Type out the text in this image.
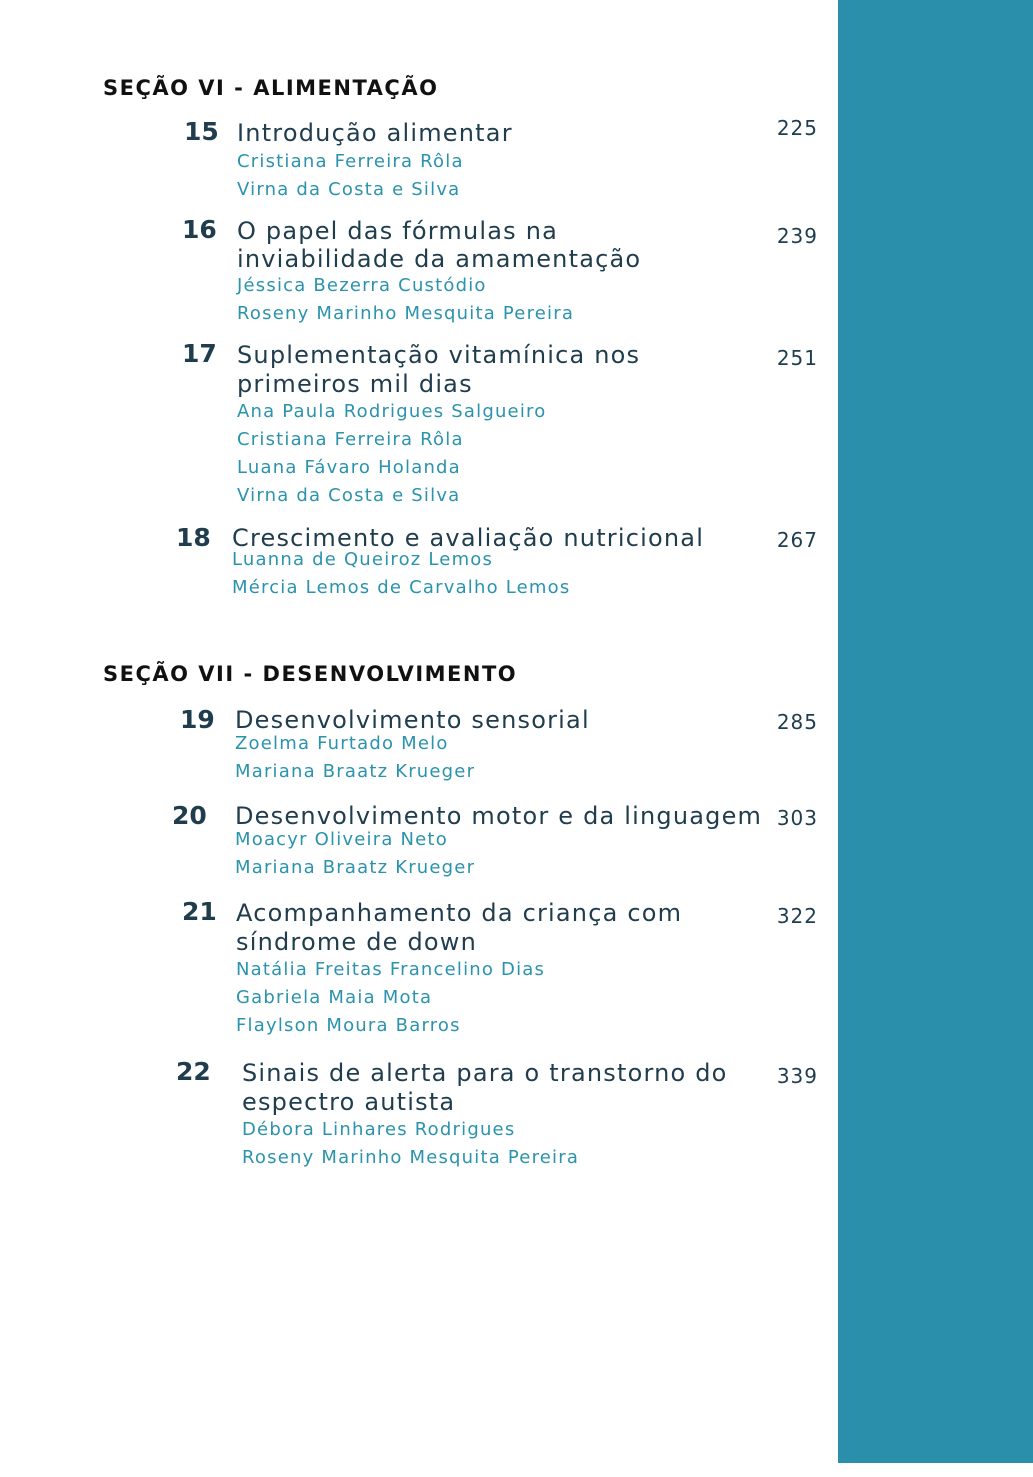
SEÇÃO VI - ALIMENTAÇÃO
15 Introdução alimentar

Cristiana Ferreira Rôla

Virna da Costa e Silva

225
16 O papel das fórmulas na

inviabilidade da amamentação

Jéssica Bezerra Custódio

Roseny Marinho Mesquita Pereira

239
17 Suplementação vitamínica nos

primeiros mil dias

Ana Paula Rodrigues Salgueiro

Cristiana Ferreira Rôla

Luana Fávaro Holanda

Virna da Costa e Silva

251
18 Crescimento e avaliação nutricional

Luanna de Queiroz Lemos

Mércia Lemos de Carvalho Lemos

267
SEÇÃO VII - DESENVOLVIMENTO
19 Desenvolvimento sensorial

Zoelma Furtado Melo

Mariana Braatz Krueger

285
20 Desenvolvimento motor e da linguagem

Moacyr Oliveira Neto

Mariana Braatz Krueger

303
21 Acompanhamento da criança com

síndrome de down

Natália Freitas Francelino Dias

Gabriela Maia Mota

Flaylson Moura Barros

322
22 Sinais de alerta para o transtorno do

espectro autista

Débora Linhares Rodrigues

Roseny Marinho Mesquita Pereira

339
